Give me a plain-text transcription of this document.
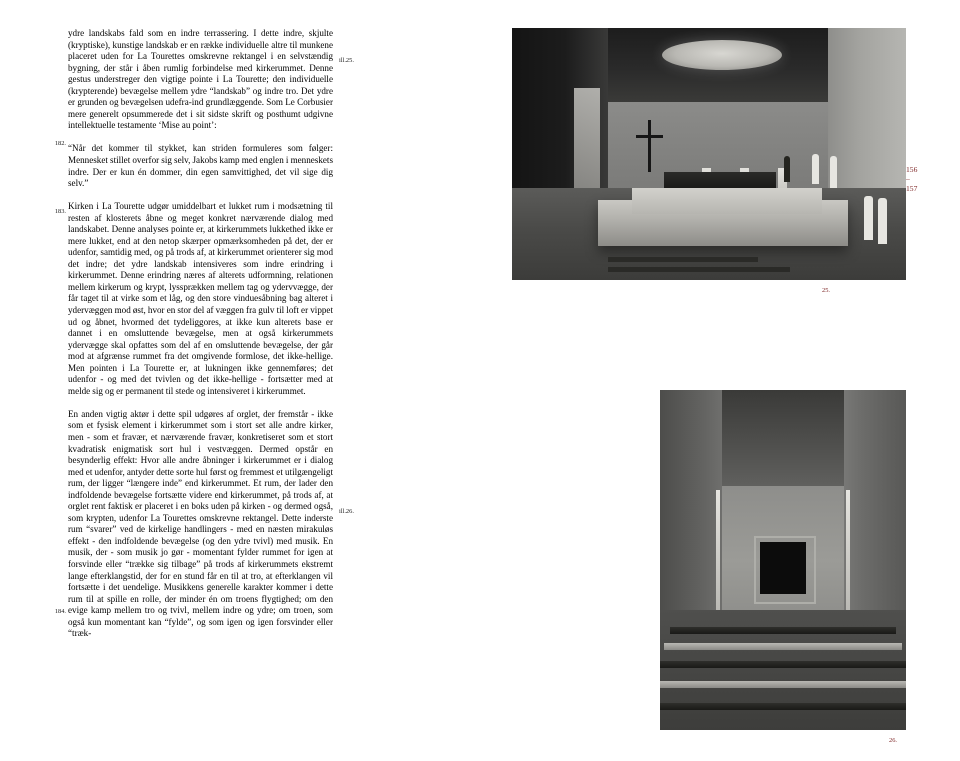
156
–
157
182.
183.
184.
ill.25.
ill.26.

ydre landskabs fald som en indre terrassering. I dette indre, skjulte (kryptiske), kunstige landskab er en række individuelle altre til munkene placeret uden for La Tourettes omskrevne rektangel i en selvstændig bygning, der står i åben rumlig forbindelse med kirkerummet. Denne gestus understreger den vigtige pointe i La Tourette; den individuelle (krypterende) bevægelse mellem ydre “landskab” og indre tro. Det ydre er grunden og bevægelsen udefra-ind grundlæggende. Som Le Corbusier mere generelt opsummerede det i sit sidste skrift og posthumt udgivne intellektuelle testamente ‘Mise au point’:

“Når det kommer til stykket, kan striden formuleres som følger: Mennesket stillet overfor sig selv, Jakobs kamp med englen i menneskets indre. Der er kun én dommer, din egen samvittighed, det vil sige dig selv.”

Kirken i La Tourette udgør umiddelbart et lukket rum i modsætning til resten af klosterets åbne og meget konkret nærværende dialog med landskabet. Denne analyses pointe er, at kirkerummets lukkethed ikke er mere lukket, end at den netop skærper opmærksomheden på det, der er udenfor, samtidig med, og på trods af, at kirkerummet orienterer sig mod det indre; det ydre landskab intensiveres som indre erindring i kirkerummet. Denne erindring næres af alterets udformning, relationen mellem kirkerum og krypt, lyssprækken mellem tag og ydervvægge, der får taget til at virke som et låg, og den store vinduesåbning bag alteret i ydervæggen mod øst, hvor en stor del af væggen fra gulv til loft er vippet ud og åbnet, hvormed det tydeliggores, at ikke kun alterets base er dannet i en omsluttende bevægelse, men at også kirkerummets ydervægge skal opfattes som del af en omsluttende bevægelse, der går mod at afgrænse rummet fra det omgivende formlose, det ikke-hellige. Men pointen i La Tourette er, at lukningen ikke gennemføres; det udenfor - og med det tvivlen og det ikke-hellige - fortsætter med at melde sig og er permanent til stede og intensiveret i kirkerummet.

En anden vigtig aktør i dette spil udgøres af orglet, der fremstår - ikke som et fysisk element i kirkerummet som i stort set alle andre kirker, men - som et fravær, et nærværende fravær, konkretiseret som et stort kvadratisk enigmatisk sort hul i vestvæggen. Dermed opstår en besynderlig effekt: Hvor alle andre åbninger i kirkerummet er i dialog med et udenfor, antyder dette sorte hul først og fremmest et utilgængeligt rum, der ligger “længere inde” end kirkerummet. Et rum, der lader den indfoldende bevægelse fortsætte videre end kirkerummet, på trods af, at orglet rent faktisk er placeret i en boks uden på kirken - og dermed også, som krypten, udenfor La Tourettes omskrevne rektangel. Dette inderste rum “svarer” ved de kirkelige handlingers - med en næsten mirakuløs effekt - den indfoldende bevægelse (og den ydre tvivl) med musik. En musik, der - som musik jo gør - momentant fylder rummet for igen at forsvinde eller “trække sig tilbage” på trods af kirkerummets ekstremt lange efterklangstid, der for en stund får en til at tro, at efterklangen vil fortsætte i det uendelige. Musikkens generelle karakter kommer i dette rum til at spille en rolle, der minder én om troens flygtighed; om den evige kamp mellem tro og tvivl, mellem indre og ydre; om troen, som også kun momentant kan “fylde”, og som igen og igen forsvinder eller “træk-

25.
26.
